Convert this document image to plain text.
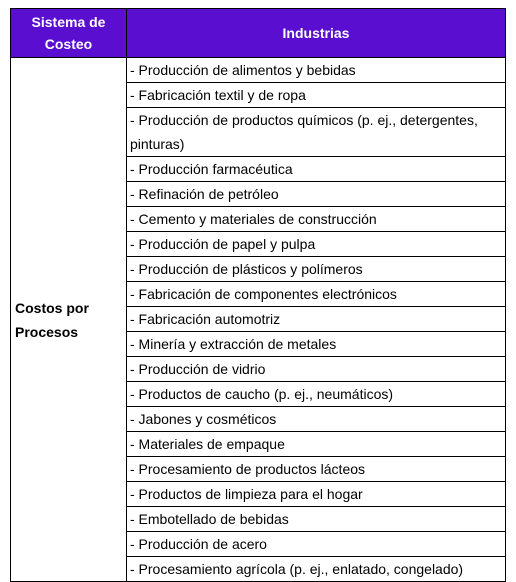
Sistema de Costeo	Industrias
Costos por Procesos	- Producción de alimentos y bebidas
	- Fabricación textil y de ropa
	- Producción de productos químicos (p. ej., detergentes, pinturas)
	- Producción farmacéutica
	- Refinación de petróleo
	- Cemento y materiales de construcción
	- Producción de papel y pulpa
	- Producción de plásticos y polímeros
	- Fabricación de componentes electrónicos
	- Fabricación automotriz
	- Minería y extracción de metales
	- Producción de vidrio
	- Productos de caucho (p. ej., neumáticos)
	- Jabones y cosméticos
	- Materiales de empaque
	- Procesamiento de productos lácteos
	- Productos de limpieza para el hogar
	- Embotellado de bebidas
	- Producción de acero
	- Procesamiento agrícola (p. ej., enlatado, congelado)
